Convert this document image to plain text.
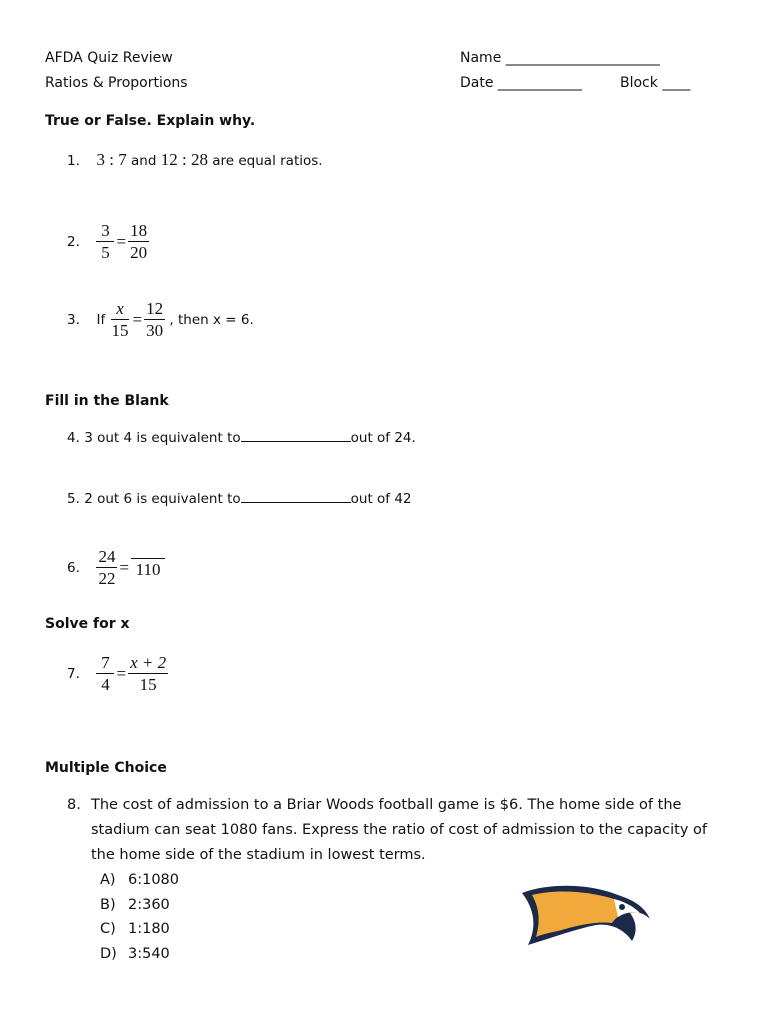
AFDA Quiz Review
Ratios & Proportions
Name ______________________
Date ____________	Block ____
True or False. Explain why.
1. 3 : 7 and 12 : 28 are equal ratios.
2. $\frac{3}{5} = \frac{18}{20}$
3. If $\frac{x}{15} = \frac{12}{30}$ , then x = 6.
Fill in the Blank
4. 3 out 4 is equivalent to	out of 24.
5. 2 out 6 is equivalent to	out of 42
6. $\frac{24}{22} = 110$
Solve for x
7. $\frac{7}{4} = \frac{x + 2}{15}$
Multiple Choice
8. The cost of admission to a Briar Woods football game is $6. The home side of the
stadium can seat 1080 fans. Express the ratio of cost of admission to the capacity of
the home side of the stadium in lowest terms.
A) 6:1080
B) 2:360
C) 1:180
D) 3:540
